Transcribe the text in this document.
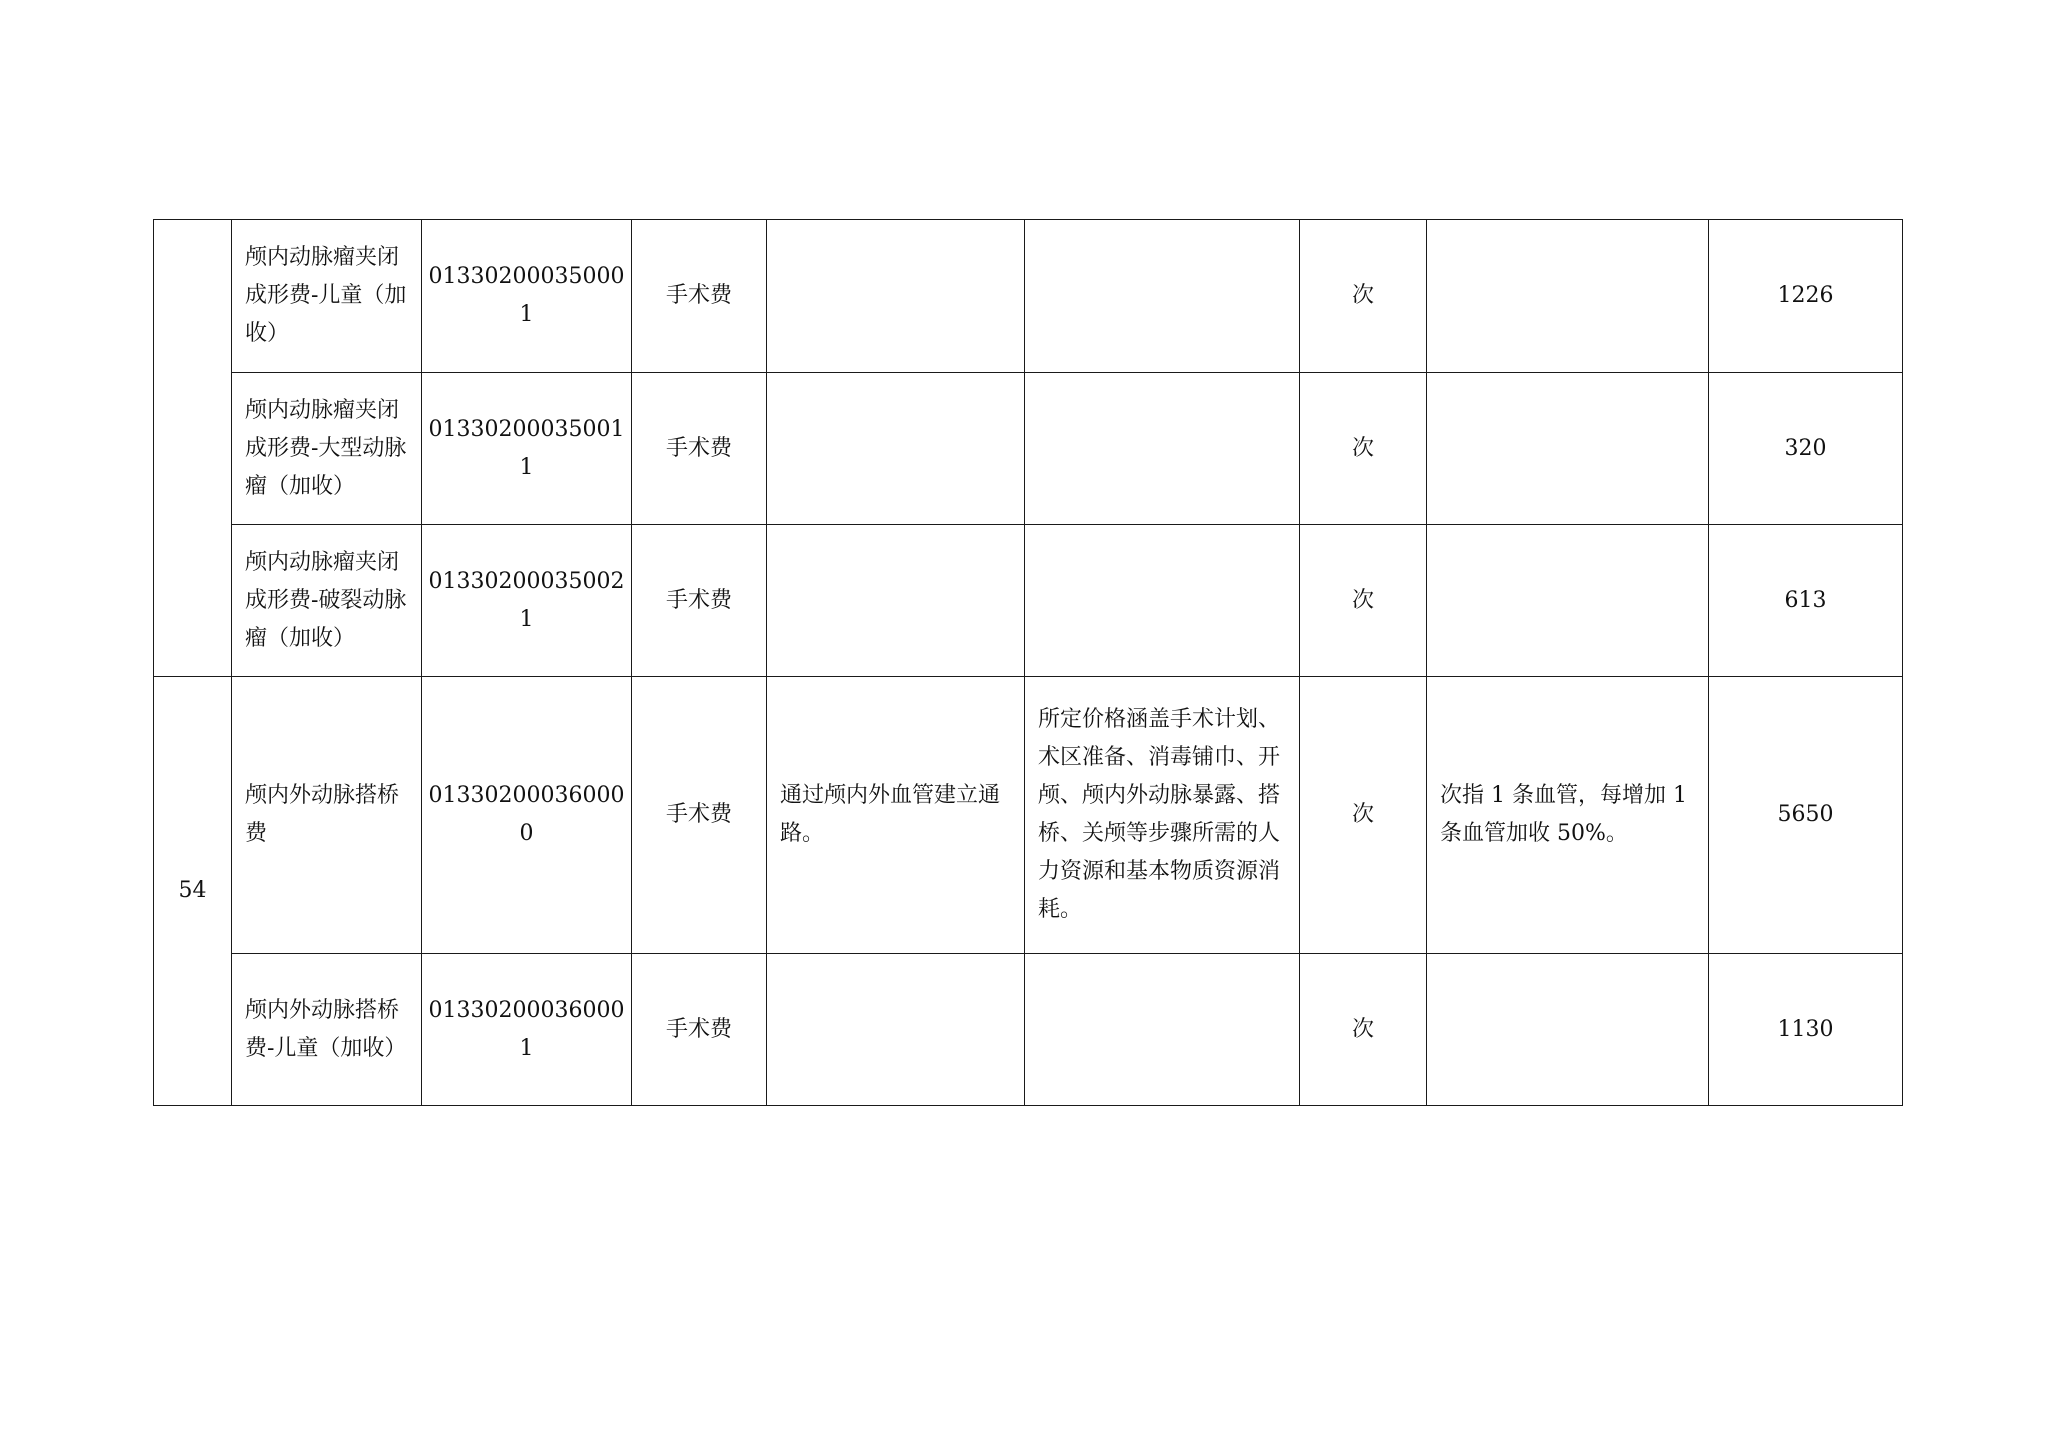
	颅内动脉瘤夹闭成形费-儿童（加收）	013302000350001	手术费			次		1226
	颅内动脉瘤夹闭成形费-大型动脉瘤（加收）	013302000350011	手术费			次		320
	颅内动脉瘤夹闭成形费-破裂动脉瘤（加收）	013302000350021	手术费			次		613
54	颅内外动脉搭桥费	013302000360000	手术费	通过颅内外血管建立通路。	所定价格涵盖手术计划、术区准备、消毒铺巾、开颅、颅内外动脉暴露、搭桥、关颅等步骤所需的人力资源和基本物质资源消耗。	次	次指 1 条血管，每增加 1 条血管加收 50%。	5650
	颅内外动脉搭桥费-儿童（加收）	013302000360001	手术费			次		1130
